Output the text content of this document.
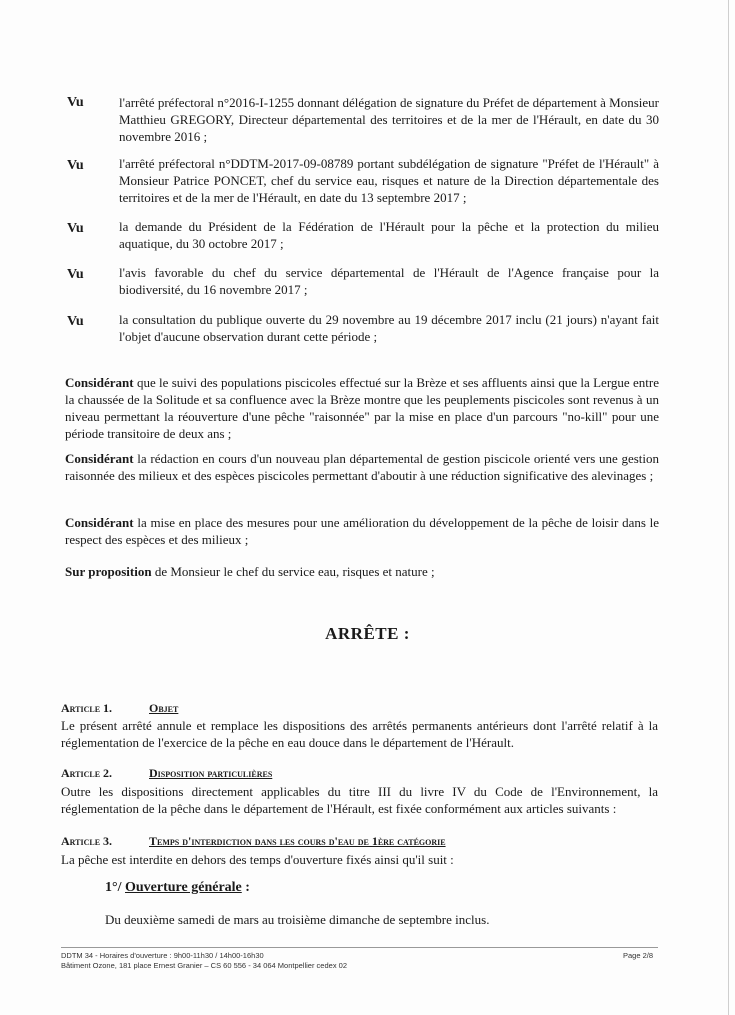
Vu	l'arrêté préfectoral n°2016-I-1255 donnant délégation de signature du Préfet de département à Monsieur Matthieu GREGORY, Directeur départemental des territoires et de la mer de l'Hérault, en date du 30 novembre 2016 ;
Vu	l'arrêté préfectoral n°DDTM-2017-09-08789 portant subdélégation de signature "Préfet de l'Hérault" à Monsieur Patrice PONCET, chef du service eau, risques et nature de la Direction départementale des territoires et de la mer de l'Hérault, en date du 13 septembre 2017 ;
Vu	la demande du Président de la Fédération de l'Hérault pour la pêche et la protection du milieu aquatique, du 30 octobre 2017 ;
Vu	l'avis favorable du chef du service départemental de l'Hérault de l'Agence française pour la biodiversité, du 16 novembre 2017 ;
Vu	la consultation du publique ouverte du 29 novembre au 19 décembre 2017 inclu (21 jours) n'ayant fait l'objet d'aucune observation durant cette période ;
Considérant que le suivi des populations piscicoles effectué sur la Brèze et ses affluents ainsi que la Lergue entre la chaussée de la Solitude et sa confluence avec la Brèze montre que les peuplements piscicoles sont revenus à un niveau permettant la réouverture d'une pêche "raisonnée" par la mise en place d'un parcours "no-kill" pour une période transitoire de deux ans ;
Considérant la rédaction en cours d'un nouveau plan départemental de gestion piscicole orienté vers une gestion raisonnée des milieux et des espèces piscicoles permettant d'aboutir à une réduction significative des alevinages ;
Considérant la mise en place des mesures pour une amélioration du développement de la pêche de loisir dans le respect des espèces et des milieux ;
Sur proposition de Monsieur le chef du service eau, risques et nature ;
ARRÊTE :
Article 1.	Objet
Le présent arrêté annule et remplace les dispositions des arrêtés permanents antérieurs dont l'arrêté relatif à la réglementation de l'exercice de la pêche en eau douce dans le département de l'Hérault.
Article 2.	Disposition particulières
Outre les dispositions directement applicables du titre III du livre IV du Code de l'Environnement, la réglementation de la pêche dans le département de l'Hérault, est fixée conformément aux articles suivants :
Article 3.	Temps d'interdiction dans les cours d'eau de 1ère catégorie
La pêche est interdite en dehors des temps d'ouverture fixés ainsi qu'il suit :
1°/ Ouverture générale :
Du deuxième samedi de mars au troisième dimanche de septembre inclus.
DDTM 34 - Horaires d'ouverture : 9h00-11h30 / 14h00-16h30
Bâtiment Ozone, 181 place Ernest Granier – CS 60 556 - 34 064 Montpellier cedex 02
Page 2/8
